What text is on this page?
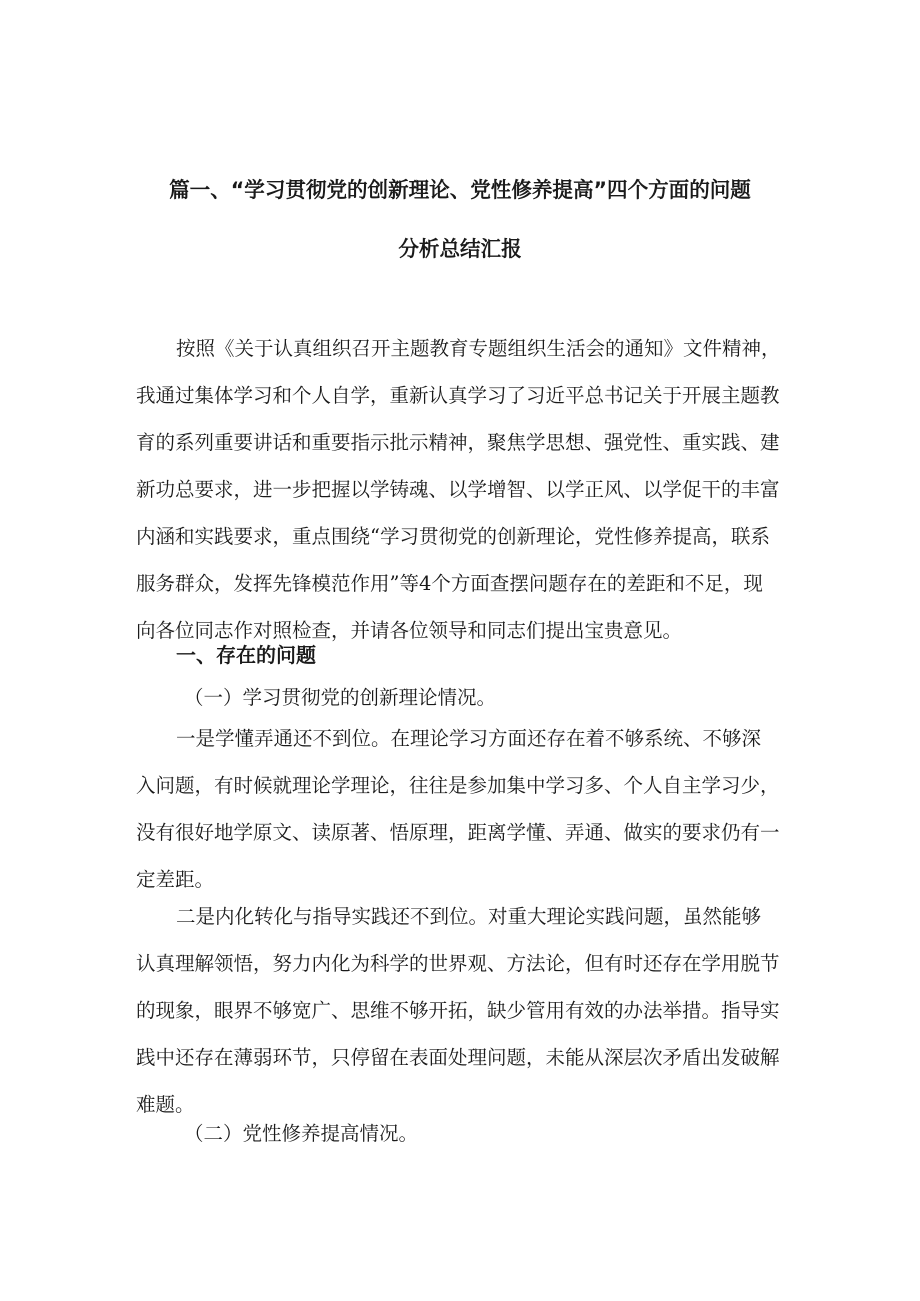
篇一、“学习贯彻党的创新理论、党性修养提高”四个方面的问题
分析总结汇报
按照《关于认真组织召开主题教育专题组织生活会的通知》文件精神，
我通过集体学习和个人自学，重新认真学习了习近平总书记关于开展主题教
育的系列重要讲话和重要指示批示精神，聚焦学思想、强党性、重实践、建
新功总要求，进一步把握以学铸魂、以学增智、以学正风、以学促干的丰富
内涵和实践要求，重点围绕“学习贯彻党的创新理论，党性修养提高，联系
服务群众，发挥先锋模范作用”等4个方面查摆问题存在的差距和不足，现
向各位同志作对照检查，并请各位领导和同志们提出宝贵意见。
一、存在的问题
（一）学习贯彻党的创新理论情况。
一是学懂弄通还不到位。在理论学习方面还存在着不够系统、不够深
入问题，有时候就理论学理论，往往是参加集中学习多、个人自主学习少，
没有很好地学原文、读原著、悟原理，距离学懂、弄通、做实的要求仍有一
定差距。
二是内化转化与指导实践还不到位。对重大理论实践问题，虽然能够
认真理解领悟，努力内化为科学的世界观、方法论，但有时还存在学用脱节
的现象，眼界不够宽广、思维不够开拓，缺少管用有效的办法举措。指导实
践中还存在薄弱环节，只停留在表面处理问题，未能从深层次矛盾出发破解
难题。
（二）党性修养提高情况。
